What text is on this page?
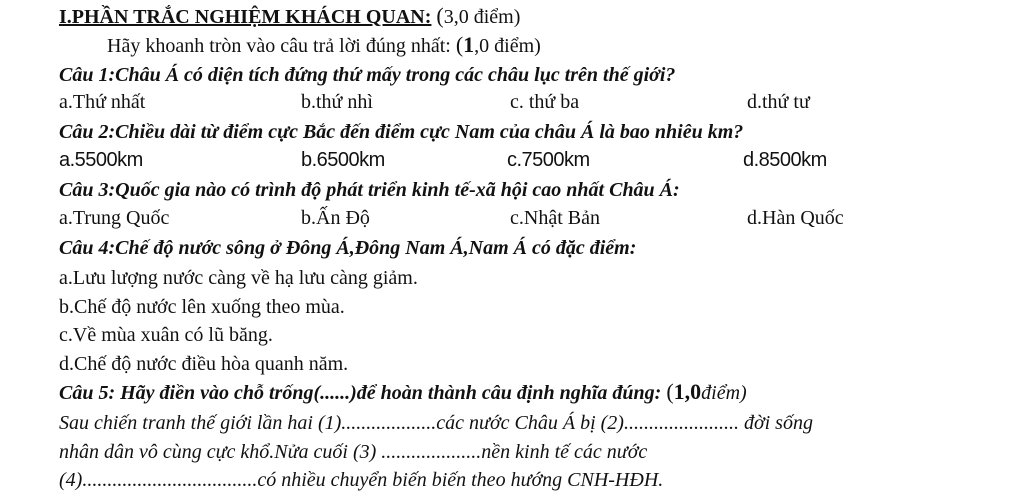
I.PHẦN TRẮC NGHIỆM KHÁCH QUAN: (3,0 điểm)
Hãy khoanh tròn vào câu trả lời đúng nhất: (1,0 điểm)
Câu 1:Châu Á có diện tích đứng thứ mấy trong các châu lục trên thế giới?
a.Thứ nhất	b.thứ nhì	c. thứ ba	d.thứ tư
Câu 2:Chiều dài từ điểm cực Bắc đến điểm cực Nam của châu Á là bao nhiêu km?
a.5500km	b.6500km	c.7500km	d.8500km
Câu 3:Quốc gia nào có trình độ phát triển kinh tế-xã hội cao nhất Châu Á:
a.Trung Quốc	b.Ấn Độ	c.Nhật Bản	d.Hàn Quốc
Câu 4:Chế độ nước sông ở Đông Á,Đông Nam Á,Nam Á có đặc điểm:
a.Lưu lượng nước càng về hạ lưu càng giảm.
b.Chế độ nước lên xuống theo mùa.
c.Về mùa xuân có lũ băng.
d.Chế độ nước điều hòa quanh năm.
Câu 5: Hãy điền vào chỗ trống(......)để hoàn thành câu định nghĩa đúng: (1,0điểm)
Sau chiến tranh thế giới lần hai (1)...................các nước Châu Á bị (2)....................... đời sống
nhân dân vô cùng cực khổ.Nửa cuối (3) ....................nền kinh tế các nước
(4)...................................có nhiều chuyển biến biến theo hướng CNH-HĐH.
